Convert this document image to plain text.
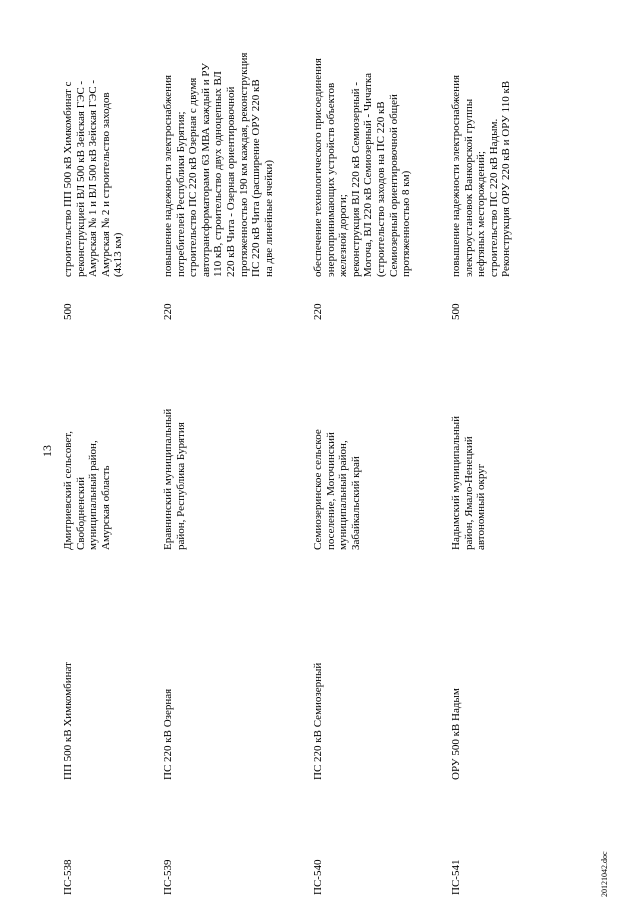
13
ПС-538
ПП 500 кВ Химкомбинат
Дмитриевский сельсовет,
Свободненский
муниципальный район,
Амурская область
500
строительство ПП 500 кВ Химкомбинат с
реконструкцией ВЛ 500 кВ Зейская ГЭС -
Амурская № 1 и ВЛ 500 кВ Зейская ГЭС -
Амурская № 2 и строительство заходов
(4х13 км)
ПС-539
ПС 220 кВ Озерная
Еравнинский муниципальный
район, Республика Бурятия
220
повышение надежности электроснабжения
потребителей Республики Бурятия;
строительство ПС 220 кВ Озерная с двумя
автотрансформаторами 63 МВА каждый и РУ
110 кВ, строительство двух одноцепных ВЛ
220 кВ Чита - Озерная ориентировочной
протяженностью 190 км каждая, реконструкция
ПС 220 кВ Чита (расширение ОРУ 220 кВ
на две линейные ячейки)
ПС-540
ПС 220 кВ Семиозерный
Семиозеринское сельское
поселение, Могочинский
муниципальный район,
Забайкальский край
220
обеспечение технологического присоединения
энергопринимающих устройств объектов
железной дороги;
реконструкция ВЛ 220 кВ Семиозерный -
Могоча, ВЛ 220 кВ Семиозерный - Чичатка
(строительство заходов на ПС 220 кВ
Семиозерный ориентировочной общей
протяженностью 8 км)
ПС-541
ОРУ 500 кВ Надым
Надымский муниципальный
район, Ямало-Ненецкий
автономный округ
500
повышение надежности электроснабжения
электроустановок Ванкорской группы
нефтяных месторождений;
строительство ПС 220 кВ Надым.
Реконструкция ОРУ 220 кВ и ОРУ 110 кВ
20121042.doc
